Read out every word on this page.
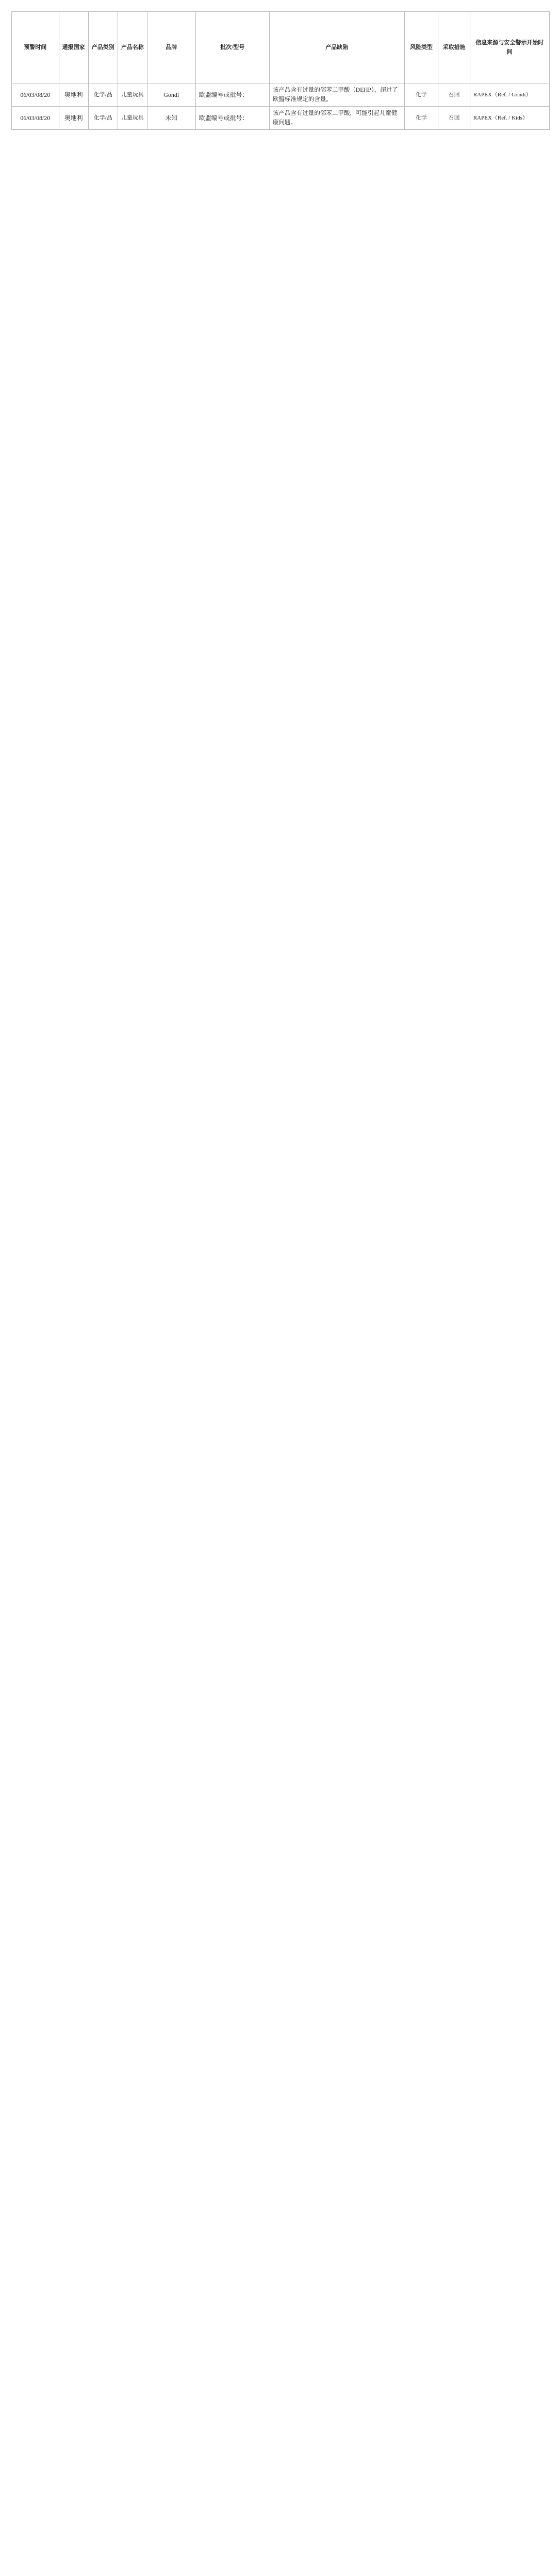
预警时间	通报国家	产品类别	产品名称	品牌	批次/型号	产品缺陷	风险类型	采取措施	信息来源与安全警示开始时间
06/03/08/20	奥地利	化学/品	儿童玩具	Gondi	欧盟编号或批号：	该产品含有过量的邻苯二甲酸（DEHP），超过了欧盟标准规定的含量。	化学	召回	RAPEX（Ref. / Gondi）
06/03/08/20	奥地利	化学/品	儿童玩具	未知	欧盟编号或批号：	该产品含有过量的邻苯二甲酸，可能引起儿童健康问题。	化学	召回	RAPEX（Ref. / Kids）
